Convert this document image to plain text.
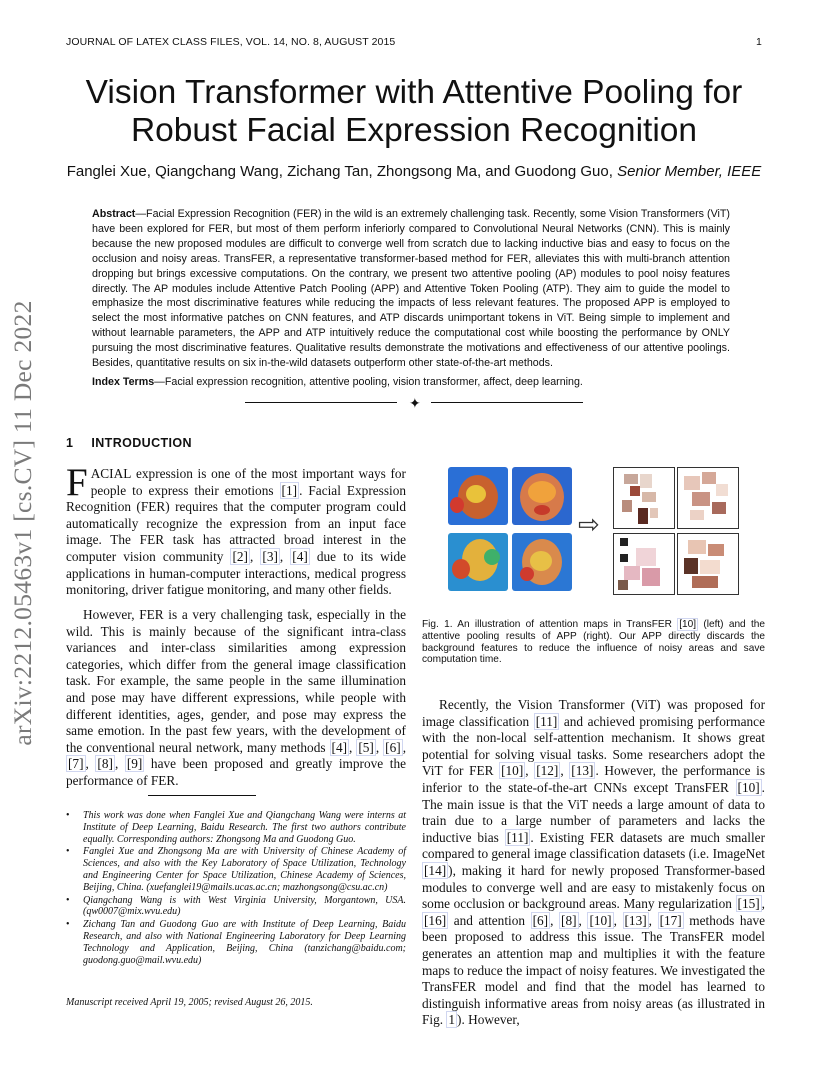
JOURNAL OF LATEX CLASS FILES, VOL. 14, NO. 8, AUGUST 2015	1
Vision Transformer with Attentive Pooling for
Robust Facial Expression Recognition
Fanglei Xue, Qiangchang Wang, Zichang Tan, Zhongsong Ma, and Guodong Guo, Senior Member, IEEE
Abstract—Facial Expression Recognition (FER) in the wild is an extremely challenging task. Recently, some Vision Transformers (ViT) have been explored for FER, but most of them perform inferiorly compared to Convolutional Neural Networks (CNN). This is mainly because the new proposed modules are difficult to converge well from scratch due to lacking inductive bias and easy to focus on the occlusion and noisy areas. TransFER, a representative transformer-based method for FER, alleviates this with multi-branch attention dropping but brings excessive computations. On the contrary, we present two attentive pooling (AP) modules to pool noisy features directly. The AP modules include Attentive Patch Pooling (APP) and Attentive Token Pooling (ATP). They aim to guide the model to emphasize the most discriminative features while reducing the impacts of less relevant features. The proposed APP is employed to select the most informative patches on CNN features, and ATP discards unimportant tokens in ViT. Being simple to implement and without learnable parameters, the APP and ATP intuitively reduce the computational cost while boosting the performance by ONLY pursuing the most discriminative features. Qualitative results demonstrate the motivations and effectiveness of our attentive poolings. Besides, quantitative results on six in-the-wild datasets outperform other state-of-the-art methods.
Index Terms—Facial expression recognition, attentive pooling, vision transformer, affect, deep learning.
✦
arXiv:2212.05463v1 [cs.CV] 11 Dec 2022 1 INTRODUCTION
FACIAL expression is one of the most important ways for people to express their emotions [1] . Facial Expression Recognition (FER) requires that the computer program could automatically recognize the expression from an input face image. The FER task has attracted broad interest in the computer vision community [2] , [3] , [4] due to its wide applications in human-computer interactions, medical progress monitoring, driver fatigue monitoring, and many other fields.
However, FER is a very challenging task, especially in the wild. This is mainly because of the significant intra-class variances and inter-class similarities among expression categories, which differ from the general image classification task. For example, the same people in the same illumination and pose may have different expressions, while people with different identities, ages, gender, and pose may express the same emotion. In the past few years, with the development of the conventional neural network, many methods [4] , [5] , [6] , [7] , [8] , [9] have been proposed and greatly improve the performance of FER.
• This work was done when Fanglei Xue and Qiangchang Wang were interns at Institute of Deep Learning, Baidu Research. The first two authors contribute equally. Corresponding authors: Zhongsong Ma and Guodong Guo.
• Fanglei Xue and Zhongsong Ma are with University of Chinese Academy of Sciences, and also with the Key Laboratory of Space Utilization, Technology and Engineering Center for Space Utilization, Chinese Academy of Sciences, Beijing, China. (xuefanglei19@mails.ucas.ac.cn; mazhongsong@csu.ac.cn)
• Qiangchang Wang is with West Virginia University, Morgantown, USA. (qw0007@mix.wvu.edu)
• Zichang Tan and Guodong Guo are with Institute of Deep Learning, Baidu Research, and also with National Engineering Laboratory for Deep Learning Technology and Application, Beijing, China (tanzichang@baidu.com; guodong.guo@mail.wvu.edu)
Manuscript received April 19, 2005; revised August 26, 2015.
⇨
Fig. 1. An illustration of attention maps in TransFER [10] (left) and the attentive pooling results of APP (right). Our APP directly discards the background features to reduce the influence of noisy areas and save computation time.
Recently, the Vision Transformer (ViT) was proposed for image classification [11] and achieved promising performance with the non-local self-attention mechanism. It shows great potential for solving visual tasks. Some researchers adopt the ViT for FER [10] , [12] , [13] . However, the performance is inferior to the state-of-the-art CNNs except TransFER [10] . The main issue is that the ViT needs a large amount of data to train due to a large number of parameters and lacks the inductive bias [11] . Existing FER datasets are much smaller compared to general image classification datasets (i.e. ImageNet [14] ), making it hard for newly proposed Transformer-based modules to converge well and are easy to mistakenly focus on some occlusion or background areas. Many regularization [15] , [16] and attention [6] , [8] , [10] , [13] , [17] methods have been proposed to address this issue. The TransFER model generates an attention map and multiplies it with the feature maps to reduce the impact of noisy features. We investigated the TransFER model and find that the model has learned to distinguish informative areas from noisy areas (as illustrated in Fig. 1 ). However,
